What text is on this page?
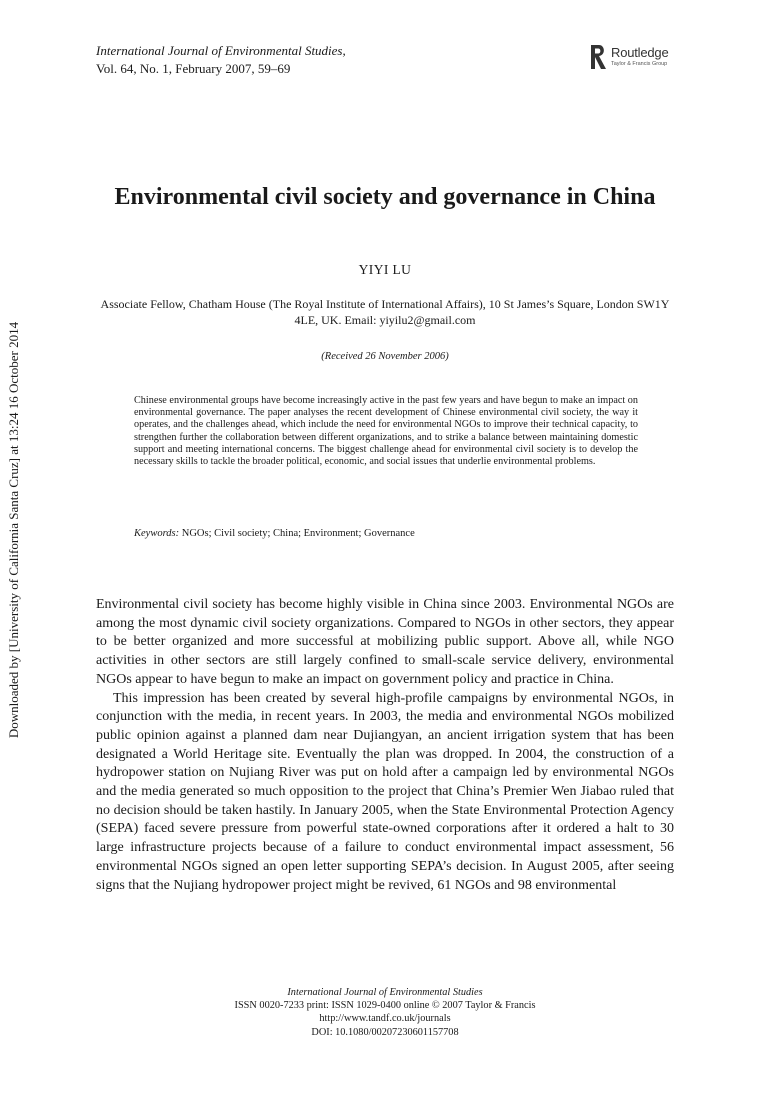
International Journal of Environmental Studies,
Vol. 64, No. 1, February 2007, 59–69
Routledge
Taylor & Francis Group
Downloaded by [University of California Santa Cruz] at 13:24 16 October 2014
Environmental civil society and governance in China
YIYI LU
Associate Fellow, Chatham House (The Royal Institute of International Affairs), 10 St James’s Square, London SW1Y 4LE, UK. Email: yiyilu2@gmail.com
(Received 26 November 2006)
Chinese environmental groups have become increasingly active in the past few years and have begun to make an impact on environmental governance. The paper analyses the recent development of Chinese environmental civil society, the way it operates, and the challenges ahead, which include the need for environmental NGOs to improve their technical capacity, to strengthen further the collaboration between different organizations, and to strike a balance between maintaining domestic support and meeting international concerns. The biggest challenge ahead for environmental civil society is to develop the necessary skills to tackle the broader political, economic, and social issues that underlie environmental problems.
Keywords: NGOs; Civil society; China; Environment; Governance

Environmental civil society has become highly visible in China since 2003. Environmental NGOs are among the most dynamic civil society organizations. Compared to NGOs in other sectors, they appear to be better organized and more successful at mobilizing public support. Above all, while NGO activities in other sectors are still largely confined to small-scale service delivery, environmental NGOs appear to have begun to make an impact on government policy and practice in China.

This impression has been created by several high-profile campaigns by environmental NGOs, in conjunction with the media, in recent years. In 2003, the media and environmental NGOs mobilized public opinion against a planned dam near Dujiangyan, an ancient irrigation system that has been designated a World Heritage site. Eventually the plan was dropped. In 2004, the construction of a hydropower station on Nujiang River was put on hold after a campaign led by environmental NGOs and the media generated so much opposition to the project that China’s Premier Wen Jiabao ruled that no decision should be taken hastily. In January 2005, when the State Environmental Protection Agency (SEPA) faced severe pressure from powerful state-owned corporations after it ordered a halt to 30 large infrastructure projects because of a failure to conduct environmental impact assessment, 56 environmental NGOs signed an open letter supporting SEPA’s decision. In August 2005, after seeing signs that the Nujiang hydropower project might be revived, 61 NGOs and 98 environmental

International Journal of Environmental Studies
ISSN 0020-7233 print: ISSN 1029-0400 online © 2007 Taylor & Francis
http://www.tandf.co.uk/journals
DOI: 10.1080/00207230601157708
